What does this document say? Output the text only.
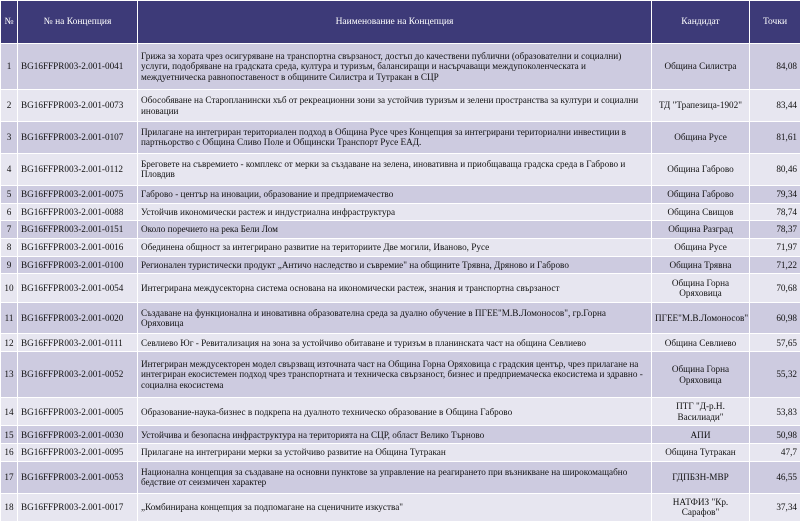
№	№ на Концепция	Наименование на Концепция	Кандидат	Точки
1	BG16FFPR003-2.001-0041	Грижа за хората чрез осигуряване на транспортна свързаност, достъп до качествени публични (образователни и социални) услуги, подобряване на градската среда, култура и туризъм, балансиращи и насърчаващи междупоколенческата и междуетническа равнопоставеност в общините Силистра и Тутракан в СЦР	Община Силистра	84,08
2	BG16FFPR003-2.001-0073	Обособяване на Старопланински хъб от рекреационни зони за устойчив туризъм и зелени пространства за култури и социални иновации	ТД "Трапезица-1902"	83,44
3	BG16FFPR003-2.001-0107	Прилагане на интегриран териториален подход в Община Русе чрез Концепция за интегрирани териториални инвестиции в партньорство с Община Сливо Поле и Общински Транспорт Русе ЕАД.	Община Русе	81,61
4	BG16FFPR003-2.001-0112	Бреговете на съвремието - комплекс от мерки за създаване на зелена, иновативна и приобщаваща градска среда в Габрово и Пловдив	Община Габрово	80,46
5	BG16FFPR003-2.001-0075	Габрово - център на иновации, образование и предприемачество	Община Габрово	79,34
6	BG16FFPR003-2.001-0088	Устойчив икономически растеж и индустриална инфраструктура	Община Свищов	78,74
7	BG16FFPR003-2.001-0151	Около поречието на река Бели Лом	Община Разград	78,37
8	BG16FFPR003-2.001-0016	Обединена общност за интегрирано развитие на териториите Две могили, Иваново, Русе	Община Русе	71,97
9	BG16FFPR003-2.001-0100	Регионален туристически продукт „Античо наследство и съвремие" на общините Трявна, Дряново и Габрово	Община Трявна	71,22
10	BG16FFPR003-2.001-0054	Интегрирана междусекторна система основана на икономически растеж, знания и транспортна свързаност	Община Горна Оряховица	70,68
11	BG16FFPR003-2.001-0020	Създаване на функционална и иновативна образователна среда за дуално обучение в ПГЕЕ"М.В.Ломоносов", гр.Горна Оряховица	ПГЕЕ"М.В.Ломоносов"	60,98
12	BG16FFPR003-2.001-0111	Севлиево Юг - Ревитализация на зона за устойчиво обитаване и туризъм в планинската част на община Севлиево	Община Севлиево	57,65
13	BG16FFPR003-2.001-0052	Интегриран междусекторен модел свързващ източната част на Община Горна Оряховица с градския център, чрез прилагане на интегриран екосистемен подход чрез транспортната и техническа свързаност, бизнес и предприемаческа екосистема и здравно - социална екосистема	Община Горна Оряховица	55,32
14	BG16FFPR003-2.001-0005	Образование-наука-бизнес в подкрепа на дуалното техническо образование в Община Габрово	ПТГ "Д-р.Н. Василиади"	53,83
15	BG16FFPR003-2.001-0030	Устойчива и безопасна инфраструктура на територията на СЦР, област Велико Търново	АПИ	50,98
16	BG16FFPR003-2.001-0095	Прилагане на интегрирани мерки за устойчиво развитие на Община Тутракан	Община Тутракан	47,7
17	BG16FFPR003-2.001-0053	Национална концепция за създаване на основни пунктове за управление на реагирането при възникване на широкомащабно бедствие от сеизмичен характер	ГДПБЗН-МВР	46,55
18	BG16FFPR003-2.001-0017	„Комбинирана концепция за подпомагане на сценичните изкуства"	НАТФИЗ "Кр. Сарафов"	37,34
